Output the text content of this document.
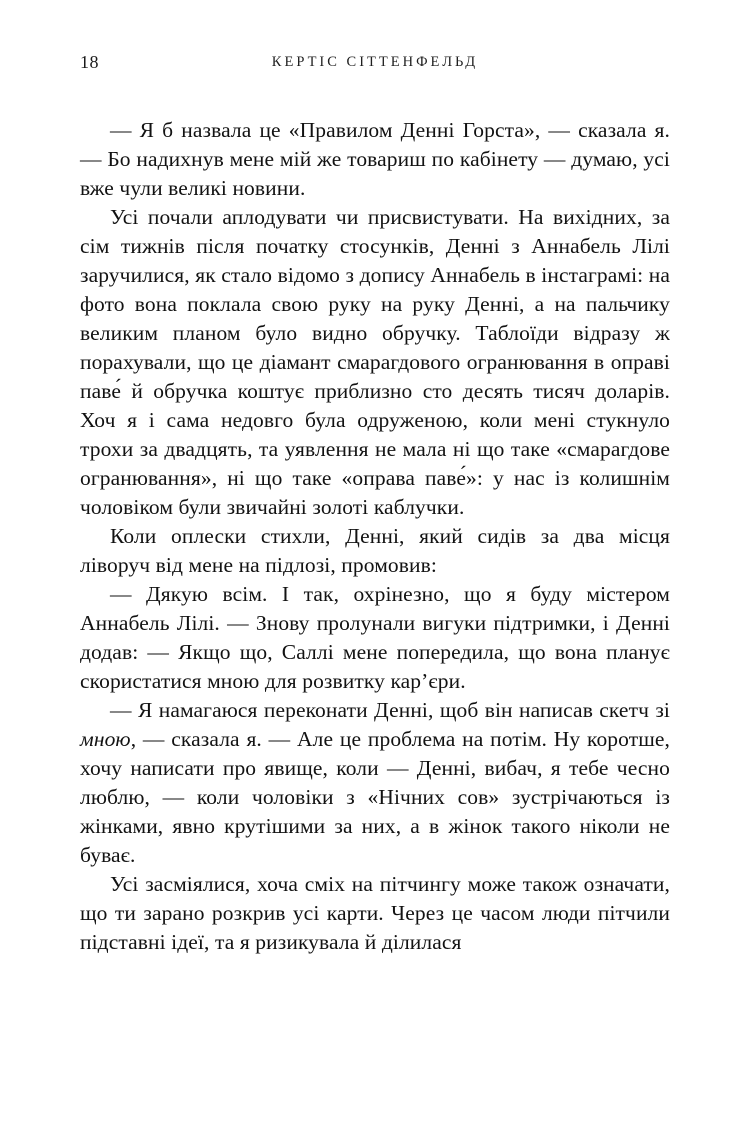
18	КЕРТІС СІТТЕНФЕЛЬД

— Я б назвала це «Правилом Денні Горста», — сказала я. — Бо надихнув мене мій же товариш по кабінету — думаю, усі вже чули великі новини.

Усі почали аплодувати чи присвистувати. На вихідних, за сім тижнів після початку стосунків, Денні з Аннабель Лілі заручилися, як стало відомо з допису Аннабель в інстаграмі: на фото вона поклала свою руку на руку Денні, а на пальчику великим планом було видно обручку. Таблоїди відразу ж порахували, що це діамант смарагдового огранювання в оправі паве́ й обручка коштує приблизно сто десять тисяч доларів. Хоч я і сама недовго була одруженою, коли мені стукнуло трохи за двадцять, та уявлення не мала ні що таке «смарагдове огранювання», ні що таке «оправа паве́»: у нас із колишнім чоловіком були звичайні золоті каблучки.

Коли оплески стихли, Денні, який сидів за два місця ліворуч від мене на підлозі, промовив:

— Дякую всім. І так, охрінезно, що я буду містером Аннабель Лілі. — Знову пролунали вигуки підтримки, і Денні додав: — Якщо що, Саллі мене попередила, що вона планує скористатися мною для розвитку кар’єри.

— Я намагаюся переконати Денні, щоб він написав скетч зі мною, — сказала я. — Але це проблема на потім. Ну коротше, хочу написати про явище, коли — Денні, вибач, я тебе чесно люблю, — коли чоловіки з «Нічних сов» зустрічаються із жінками, явно крутішими за них, а в жінок такого ніколи не буває.

Усі засміялися, хоча сміх на пітчингу може також означати, що ти зарано розкрив усі карти. Через це часом люди пітчили підставні ідеї, та я ризикувала й ділилася
